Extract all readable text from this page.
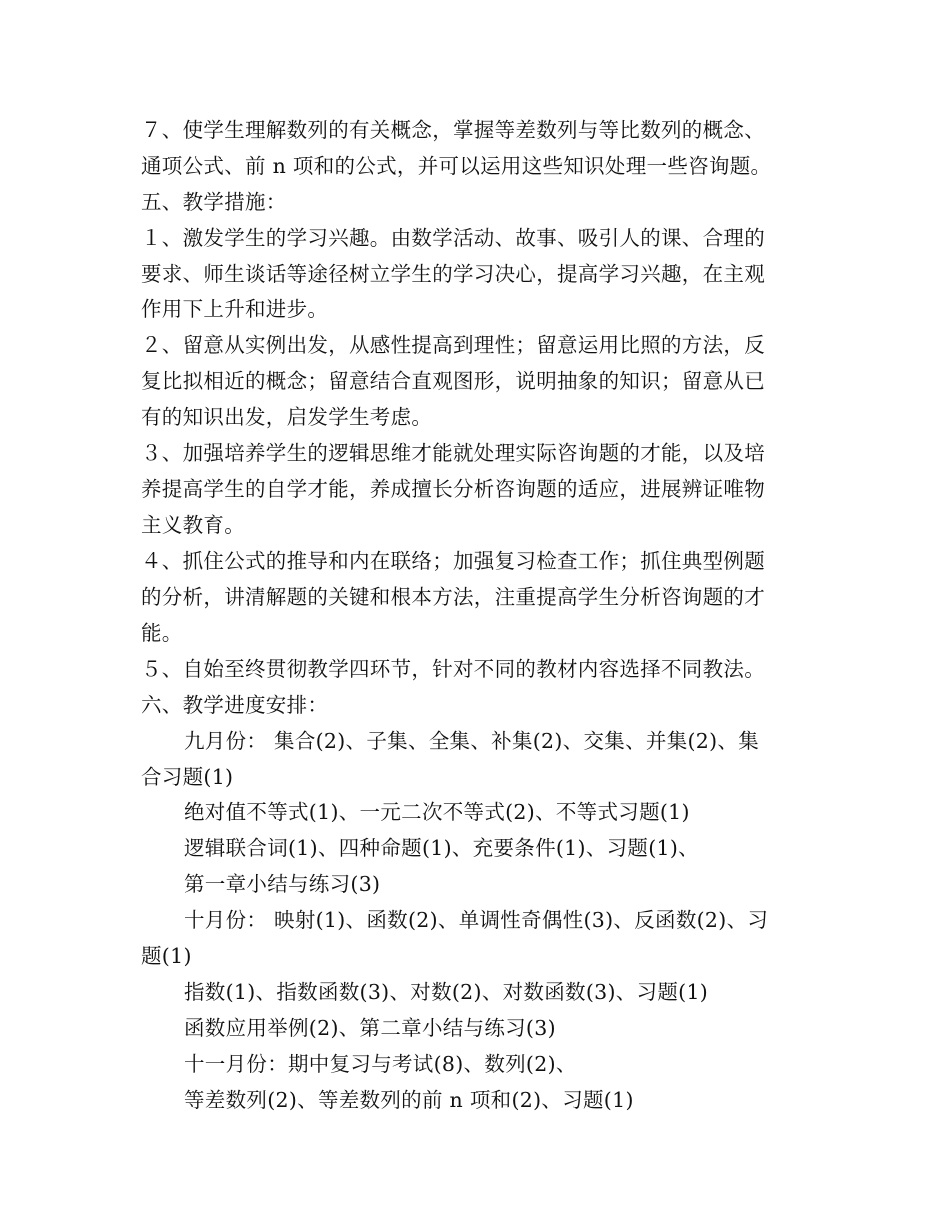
７、使学生理解数列的有关概念，掌握等差数列与等比数列的概念、
通项公式、前 n 项和的公式，并可以运用这些知识处理一些咨询题。
五、教学措施：
１、激发学生的学习兴趣。由数学活动、故事、吸引人的课、合理的
要求、师生谈话等途径树立学生的学习决心，提高学习兴趣，在主观
作用下上升和进步。
２、留意从实例出发，从感性提高到理性；留意运用比照的方法，反
复比拟相近的概念；留意结合直观图形，说明抽象的知识；留意从已
有的知识出发，启发学生考虑。
３、加强培养学生的逻辑思维才能就处理实际咨询题的才能，以及培
养提高学生的自学才能，养成擅长分析咨询题的适应，进展辨证唯物
主义教育。
４、抓住公式的推导和内在联络；加强复习检查工作；抓住典型例题
的分析，讲清解题的关键和根本方法，注重提高学生分析咨询题的才
能。
５、自始至终贯彻教学四环节，针对不同的教材内容选择不同教法。
六、教学进度安排：
九月份： 集合(2)、子集、全集、补集(2)、交集、并集(2)、集
合习题(1)
绝对值不等式(1)、一元二次不等式(2)、不等式习题(1)
逻辑联合词(1)、四种命题(1)、充要条件(1)、习题(1)、
第一章小结与练习(3)
十月份： 映射(1)、函数(2)、单调性奇偶性(3)、反函数(2)、习
题(1)
指数(1)、指数函数(3)、对数(2)、对数函数(3)、习题(1)
函数应用举例(2)、第二章小结与练习(3)
十一月份：期中复习与考试(8)、数列(2)、
等差数列(2)、等差数列的前 n 项和(2)、习题(1)
